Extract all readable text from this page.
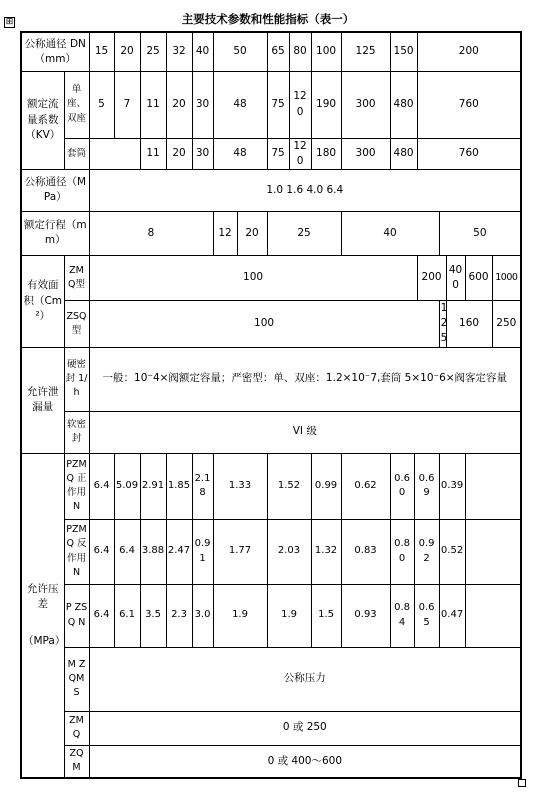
⊞	主要技术参数和性能指标（表一）
公称通径 DN（mm）		15	20	25	32	40	50		65	80	100	125	150		200				
额定流量系数（KV）	单座、双座	5	7	11	20	30	48		75	120	190	300	480		760				
	套筒			11	20	30	48		75	120	180	300	480		760				
公称通径（MPa）		1.0 1.6 4.0 6.4																	
额定行程（mm）		8					12	20	25			40				50			
有效面积（Cm²）	ZMQ型	100													200		400	600	1000
	ZSQ型	100														125	160		250
允许泄漏量	硬密封 1/h	一般：10⁻4×阀额定容量；严密型：单、双座：1.2×10⁻7,套筒 5×10⁻6×阀客定容量																	
	软密封	VI 级																	

允许压差
（MPa）	PZMQ 正作用 N	6.4	5.09	2.91	1.85	2.18	1.33		1.52		0.99	0.62	0.60	0.69		0.39			
	PZMQ 反作用 N	6.4	6.4	3.88	2.47	0.91	1.77		2.03		1.32	0.83	0.80	0.92		0.52			
	P ZSQ N	6.4	6.1	3.5	2.3	3.0	1.9		1.9		1.5	0.93	0.84	0.65		0.47			
	M ZQM S	公称压力																	
	ZMQ	0 或 250																	
	ZQM	0 或 400～600																	
